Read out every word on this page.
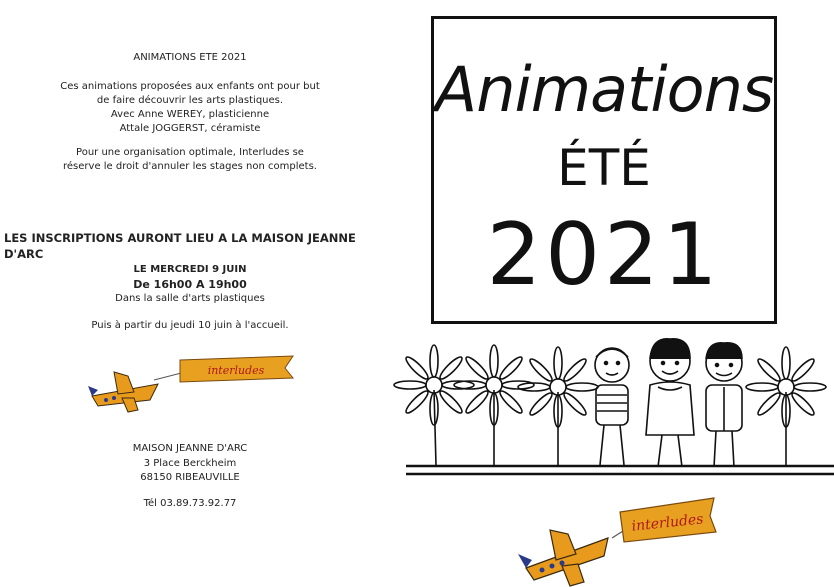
ANIMATIONS ETE 2021
Ces animations proposées aux enfants ont pour but
de faire découvrir les arts plastiques.
Avec Anne WEREY, plasticienne
Attale JOGGERST, céramiste
Pour une organisation optimale, Interludes se
réserve le droit d'annuler les stages non complets.
LES INSCRIPTIONS AURONT LIEU A LA MAISON JEANNE D'ARC
LE MERCREDI 9 JUIN
De 16h00 A 19h00
Dans la salle d'arts plastiques
Puis à partir du jeudi 10 juin à l'accueil.
interludes
MAISON JEANNE D'ARC
3 Place Berckheim
68150 RIBEAUVILLE
Tél 03.89.73.92.77
Animations
ÉTÉ
2021
interludes
